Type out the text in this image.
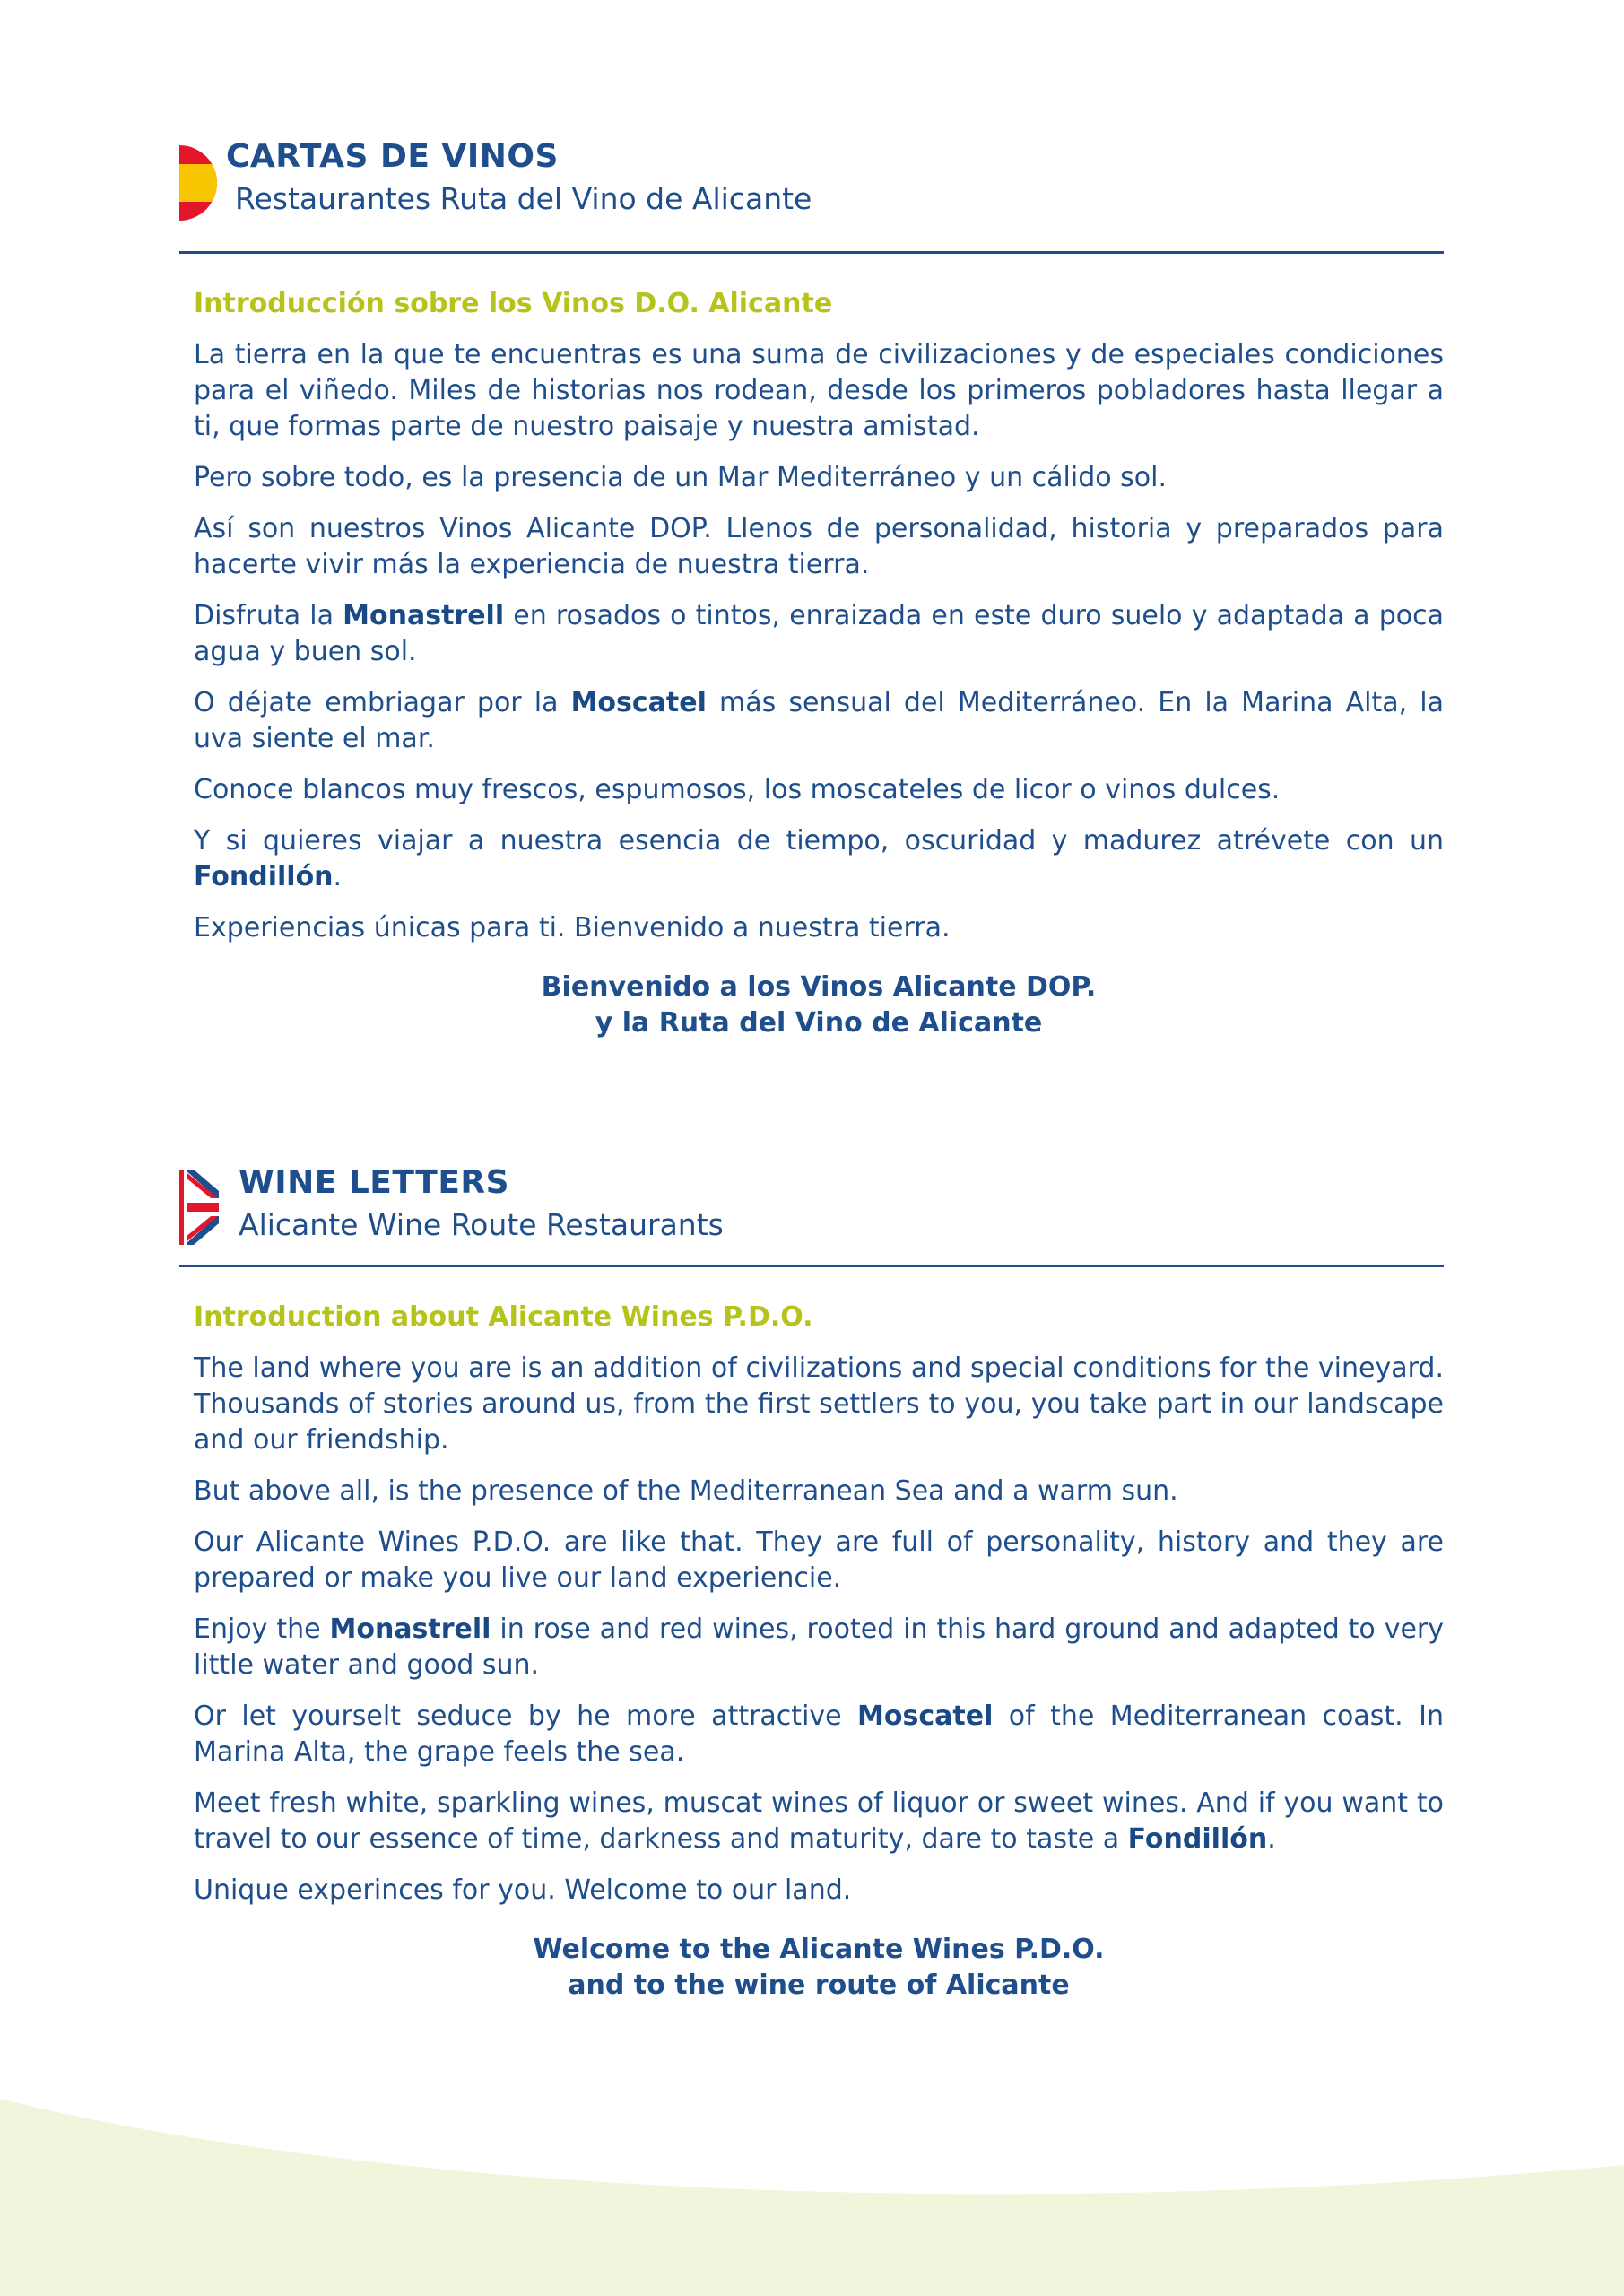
CARTAS DE VINOS
Restaurantes Ruta del Vino de Alicante
Introducción sobre los Vinos D.O. Alicante

La tierra en la que te encuentras es una suma de civilizaciones y de especiales condiciones para el viñedo. Miles de historias nos rodean, desde los primeros pobladores hasta llegar a ti, que formas parte de nuestro paisaje y nuestra amistad.

Pero sobre todo, es la presencia de un Mar Mediterráneo y un cálido sol.

Así son nuestros Vinos Alicante DOP. Llenos de personalidad, historia y preparados para hacerte vivir más la experiencia de nuestra tierra.

Disfruta la Monastrell en rosados o tintos, enraizada en este duro suelo y adaptada a poca agua y buen sol.

O déjate embriagar por la Moscatel más sensual del Mediterráneo. En la Marina Alta, la uva siente el mar.

Conoce blancos muy frescos, espumosos, los moscateles de licor o vinos dulces.

Y si quieres viajar a nuestra esencia de tiempo, oscuridad y madurez atrévete con un Fondillón.

Experiencias únicas para ti. Bienvenido a nuestra tierra.

Bienvenido a los Vinos Alicante DOP.
y la Ruta del Vino de Alicante
WINE LETTERS
Alicante Wine Route Restaurants
Introduction about Alicante Wines P.D.O.

The land where you are is an addition of civilizations and special conditions for the vineyard. Thousands of stories around us, from the first settlers to you, you take part in our landscape and our friendship.

But above all, is the presence of the Mediterranean Sea and a warm sun.

Our Alicante Wines P.D.O. are like that. They are full of personality, history and they are prepared or make you live our land experiencie.

Enjoy the Monastrell in rose and red wines, rooted in this hard ground and adapted to very little water and good sun.

Or let yourselt seduce by he more attractive Moscatel of the Mediterranean coast. In Marina Alta, the grape feels the sea.

Meet fresh white, sparkling wines, muscat wines of liquor or sweet wines. And if you want to travel to our essence of time, darkness and maturity, dare to taste a Fondillón.

Unique experinces for you. Welcome to our land.

Welcome to the Alicante Wines P.D.O.
and to the wine route of Alicante
